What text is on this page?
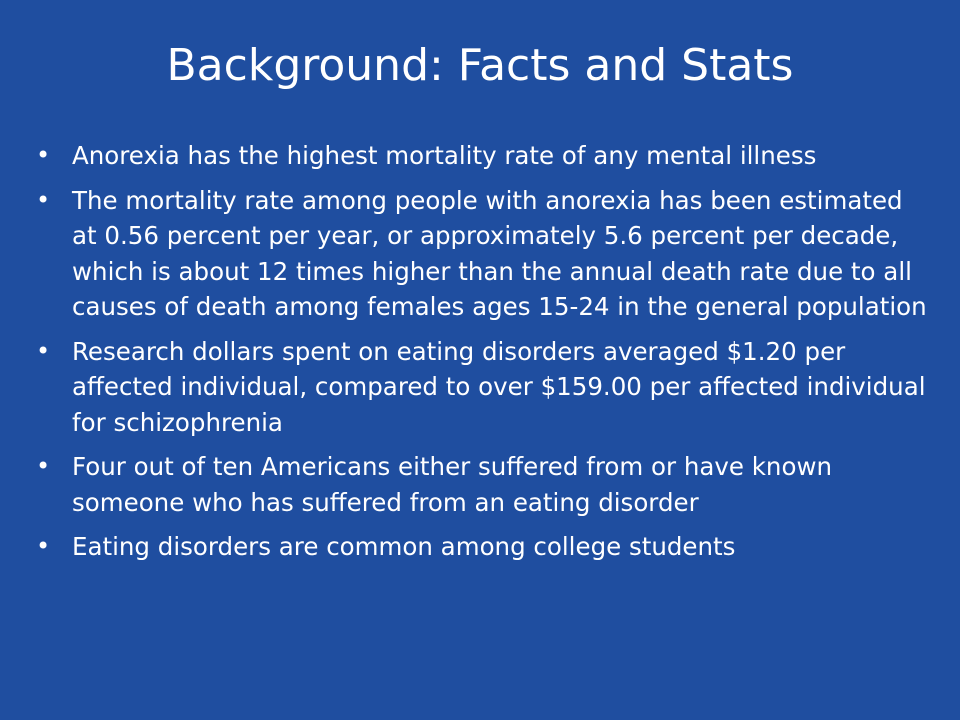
Background: Facts and Stats
• Anorexia has the highest mortality rate of any mental illness
• The mortality rate among people with anorexia has been estimated at 0.56 percent per year, or approximately 5.6 percent per decade, which is about 12 times higher than the annual death rate due to all causes of death among females ages 15-24 in the general population
• Research dollars spent on eating disorders averaged $1.20 per affected individual, compared to over $159.00 per affected individual for schizophrenia
• Four out of ten Americans either suffered from or have known someone who has suffered from an eating disorder
• Eating disorders are common among college students
